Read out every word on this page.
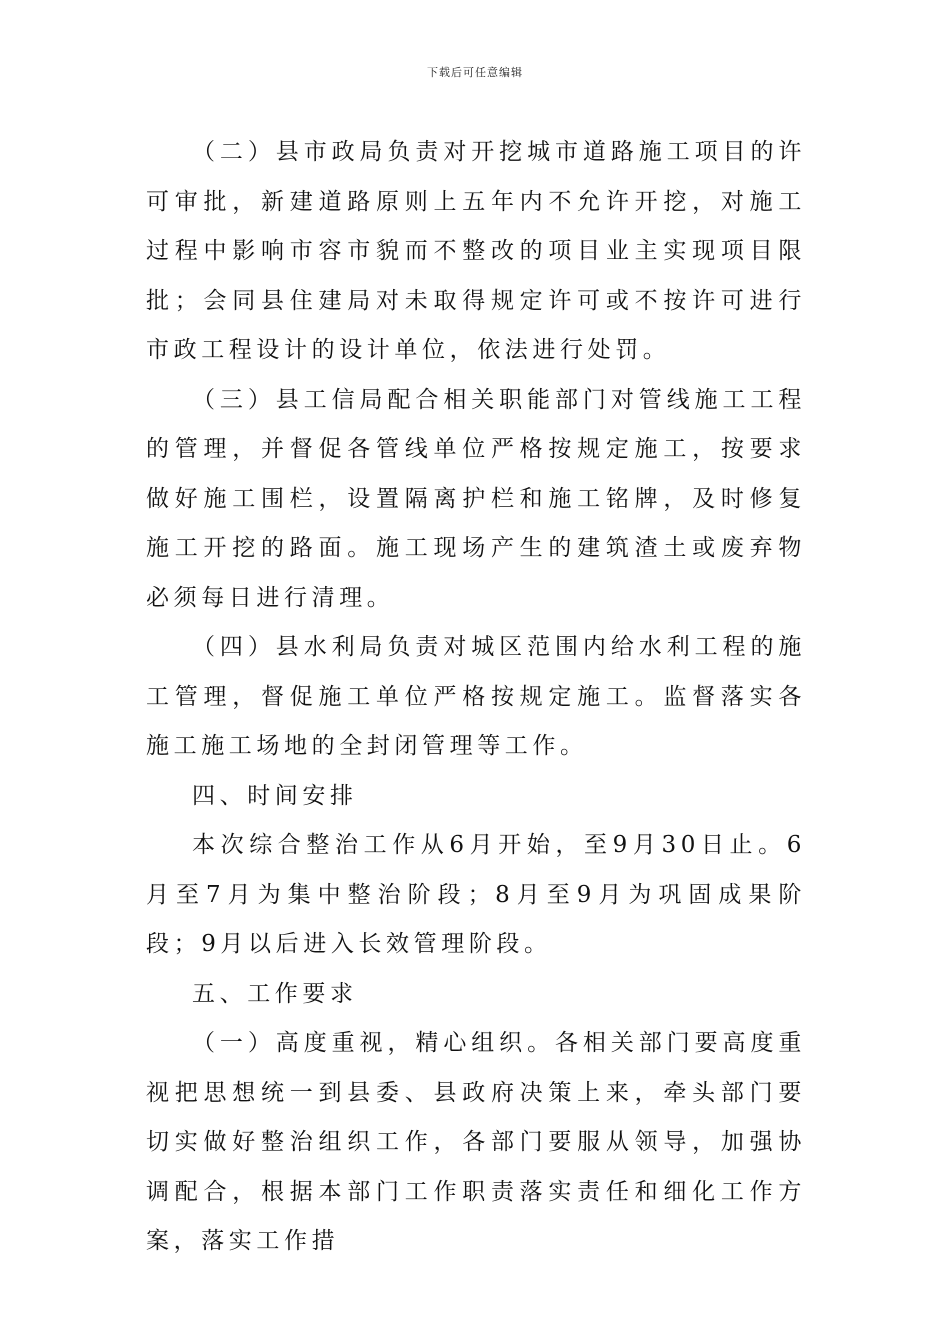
下载后可任意编辑

（二）县市政局负责对开挖城市道路施工项目的许可审批，新建道路原则上五年内不允许开挖，对施工过程中影响市容市貌而不整改的项目业主实现项目限批；会同县住建局对未取得规定许可或不按许可进行市政工程设计的设计单位，依法进行处罚。

（三）县工信局配合相关职能部门对管线施工工程的管理，并督促各管线单位严格按规定施工，按要求做好施工围栏，设置隔离护栏和施工铭牌，及时修复施工开挖的路面。施工现场产生的建筑渣土或废弃物必须每日进行清理。

（四）县水利局负责对城区范围内给水利工程的施工管理，督促施工单位严格按规定施工。监督落实各施工施工场地的全封闭管理等工作。

四、时间安排

本次综合整治工作从6月开始，至9月30日止。6月至7月为集中整治阶段；8月至9月为巩固成果阶段；9月以后进入长效管理阶段。

五、工作要求

（一）高度重视，精心组织。各相关部门要高度重视把思想统一到县委、县政府决策上来，牵头部门要切实做好整治组织工作，各部门要服从领导，加强协调配合，根据本部门工作职责落实责任和细化工作方案，落实工作措
